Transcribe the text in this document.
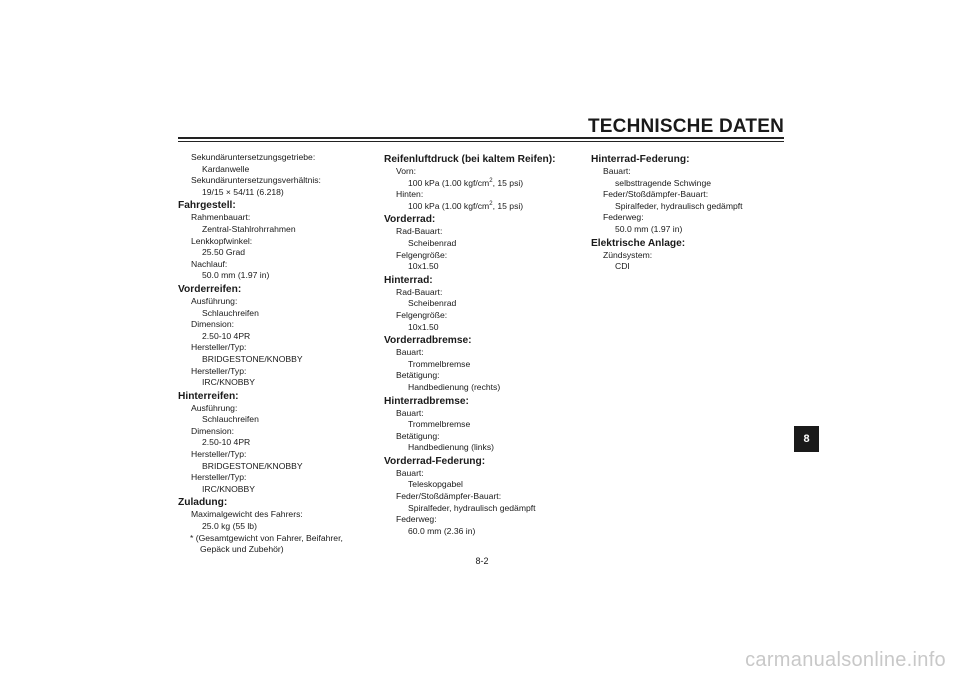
TECHNISCHE DATEN
Sekundäruntersetzungsgetriebe:
Kardanwelle
Sekundäruntersetzungsverhältnis:
19/15 × 54/11 (6.218)
Fahrgestell:
Rahmenbauart:
Zentral-Stahlrohrrahmen
Lenkkopfwinkel:
25.50 Grad
Nachlauf:
50.0 mm (1.97 in)
Vorderreifen:
Ausführung:
Schlauchreifen
Dimension:
2.50-10 4PR
Hersteller/Typ:
BRIDGESTONE/KNOBBY
Hersteller/Typ:
IRC/KNOBBY
Hinterreifen:
Ausführung:
Schlauchreifen
Dimension:
2.50-10 4PR
Hersteller/Typ:
BRIDGESTONE/KNOBBY
Hersteller/Typ:
IRC/KNOBBY
Zuladung:
Maximalgewicht des Fahrers:
25.0 kg (55 lb)
* (Gesamtgewicht von Fahrer, Beifahrer,
Gepäck und Zubehör)
Reifenluftdruck (bei kaltem Reifen):
Vorn:
100 kPa (1.00 kgf/$cm^2$, 15 psi)
Hinten:
100 kPa (1.00 kgf/$cm^2$, 15 psi)
Vorderrad:
Rad-Bauart:
Scheibenrad
Felgengröße:
10x1.50
Hinterrad:
Rad-Bauart:
Scheibenrad
Felgengröße:
10x1.50
Vorderradbremse:
Bauart:
Trommelbremse
Betätigung:
Handbedienung (rechts)
Hinterradbremse:
Bauart:
Trommelbremse
Betätigung:
Handbedienung (links)
Vorderrad-Federung:
Bauart:
Teleskopgabel
Feder/Stoßdämpfer-Bauart:
Spiralfeder, hydraulisch gedämpft
Federweg:
60.0 mm (2.36 in)
Hinterrad-Federung:
Bauart:
selbsttragende Schwinge
Feder/Stoßdämpfer-Bauart:
Spiralfeder, hydraulisch gedämpft
Federweg:
50.0 mm (1.97 in)
Elektrische Anlage:
Zündsystem:
CDI
8-2
8
carmanualsonline.info
